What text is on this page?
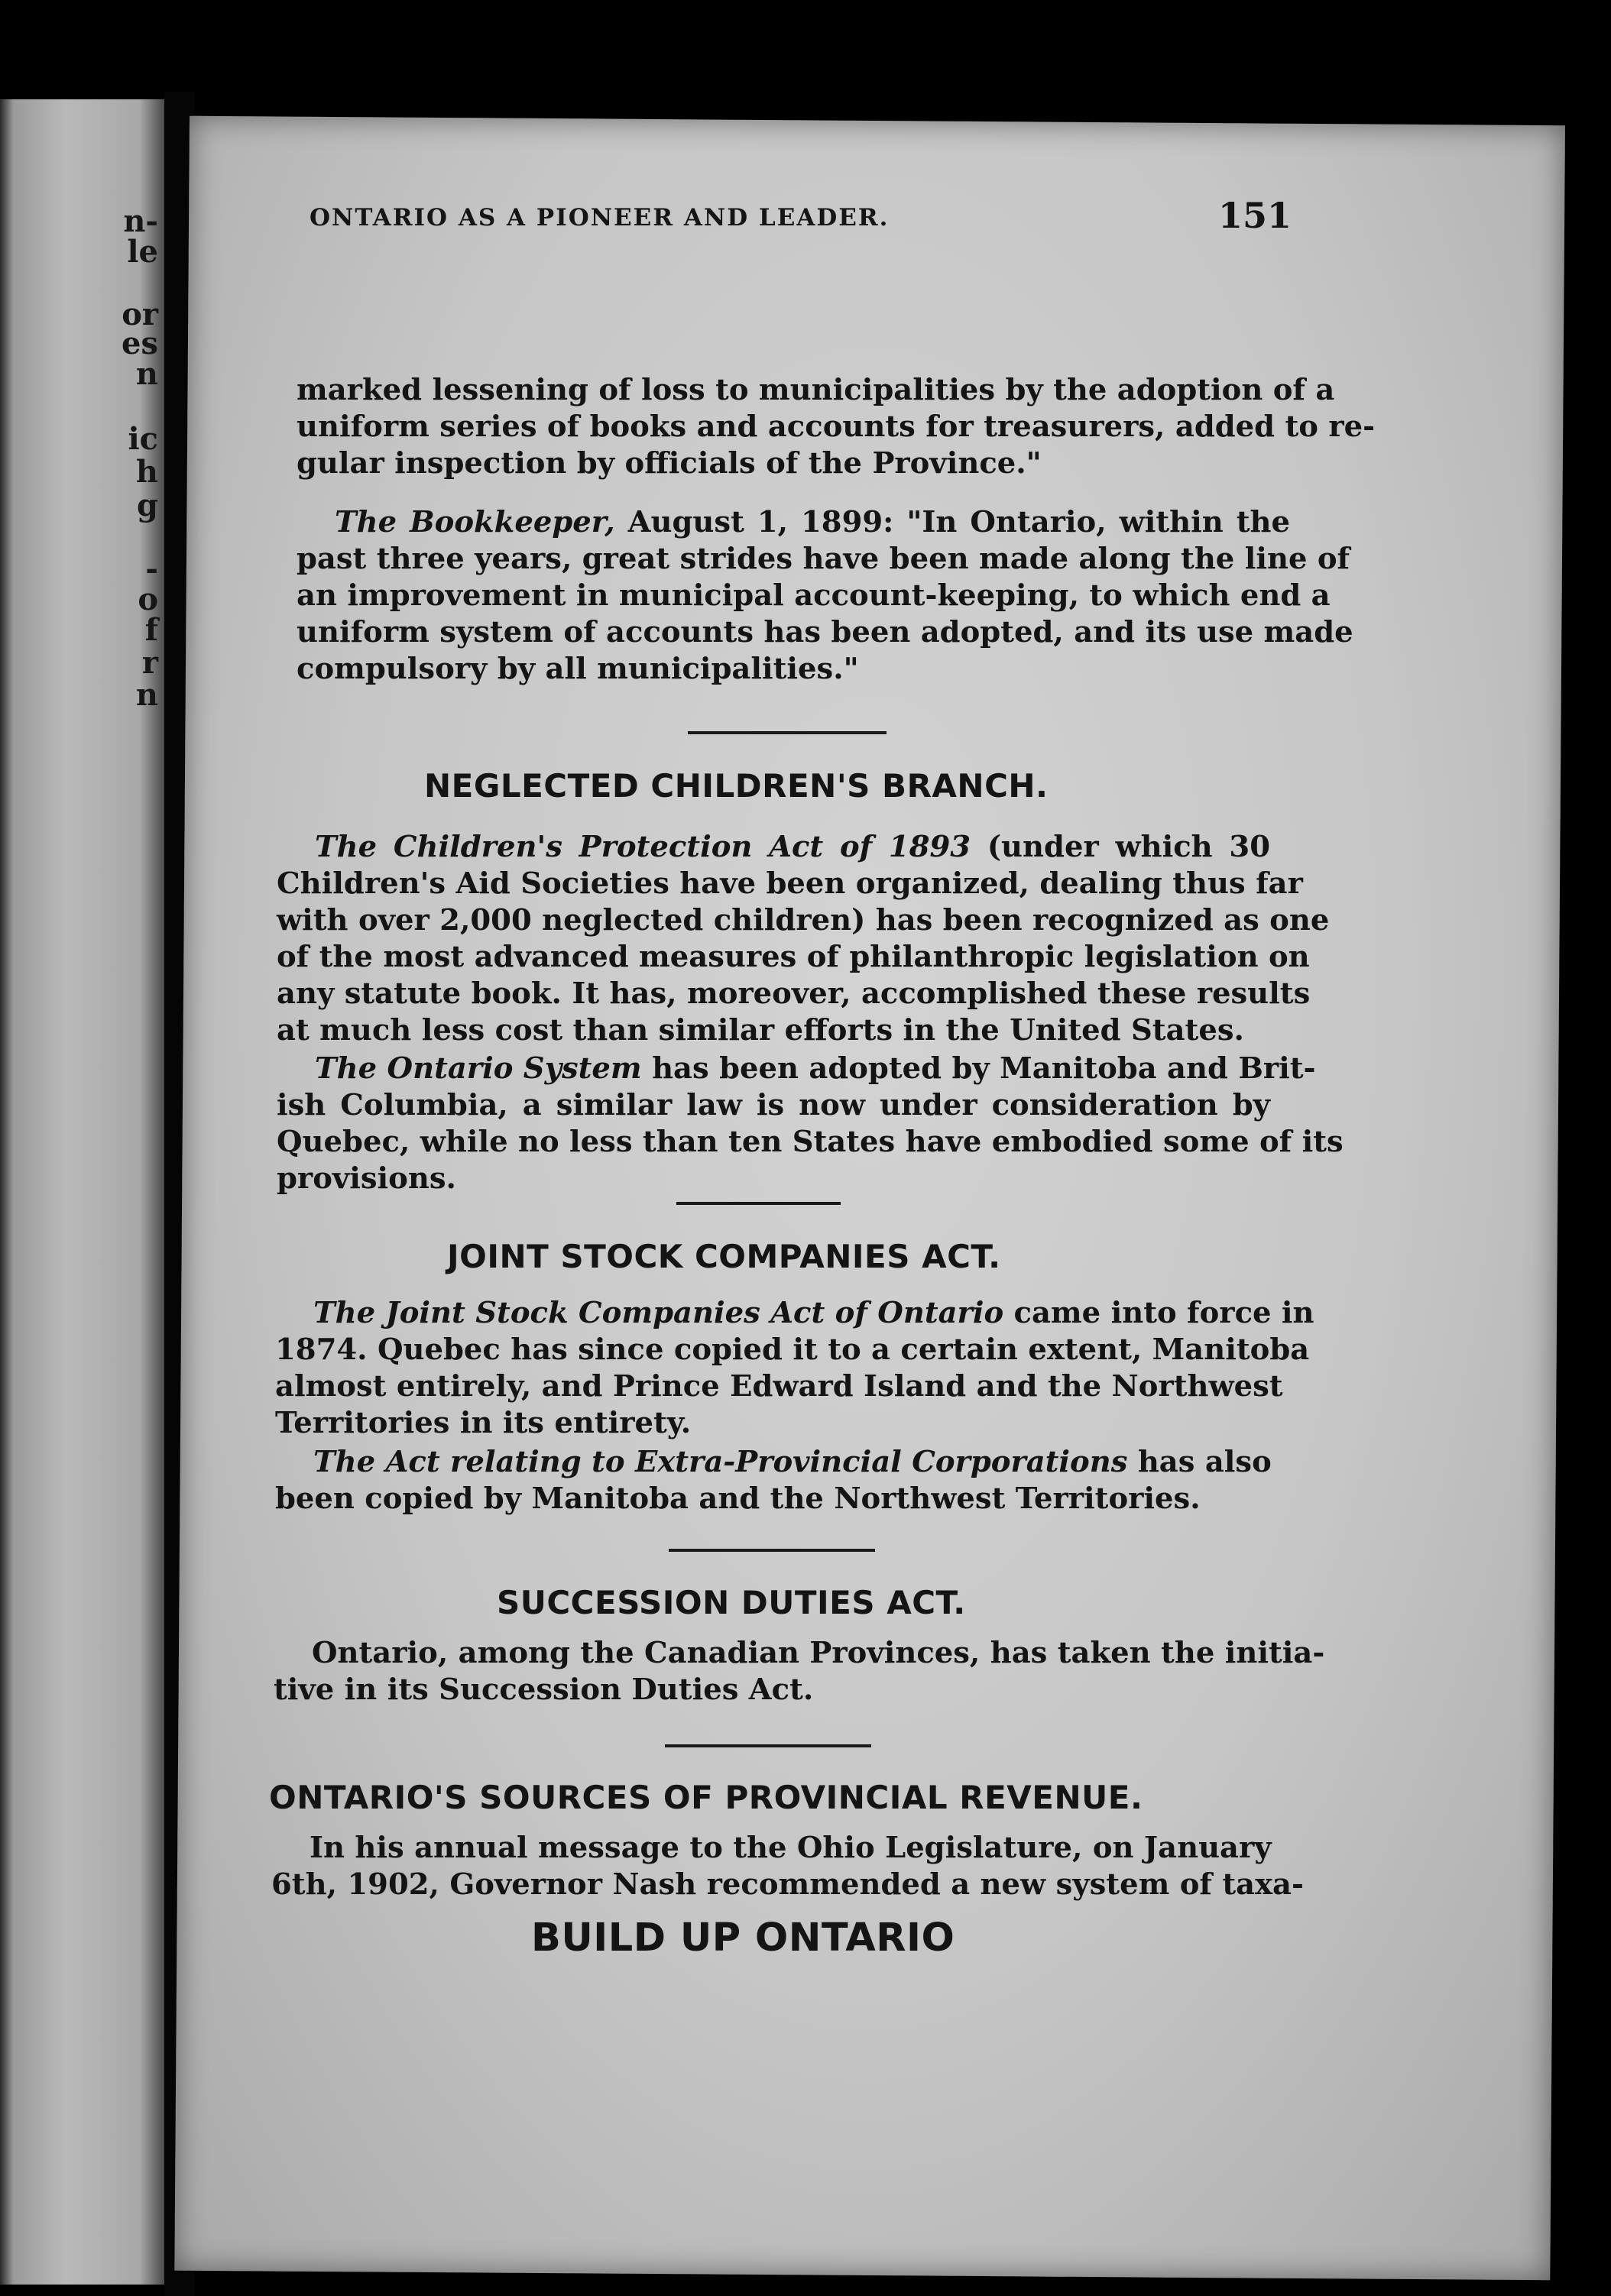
n-
le
or
es
n
ic
h
g
-
o
f
r
n
ONTARIO AS A PIONEER AND LEADER.	151
marked lessening of loss to municipalities by the adoption of a
uniform series of books and accounts for treasurers, added to re-
gular inspection by officials of the Province."
The Bookkeeper, August 1, 1899: "In Ontario, within the
past three years, great strides have been made along the line of
an improvement in municipal account-keeping, to which end a
uniform system of accounts has been adopted, and its use made
compulsory by all municipalities."
NEGLECTED CHILDREN'S BRANCH.
The Children's Protection Act of 1893 (under which 30
Children's Aid Societies have been organized, dealing thus far
with over 2,000 neglected children) has been recognized as one
of the most advanced measures of philanthropic legislation on
any statute book. It has, moreover, accomplished these results
at much less cost than similar efforts in the United States.
The Ontario System has been adopted by Manitoba and Brit-
ish Columbia, a similar law is now under consideration by
Quebec, while no less than ten States have embodied some of its
provisions.
JOINT STOCK COMPANIES ACT.
The Joint Stock Companies Act of Ontario came into force in
1874. Quebec has since copied it to a certain extent, Manitoba
almost entirely, and Prince Edward Island and the Northwest
Territories in its entirety.
The Act relating to Extra-Provincial Corporations has also
been copied by Manitoba and the Northwest Territories.
SUCCESSION DUTIES ACT.
Ontario, among the Canadian Provinces, has taken the initia-
tive in its Succession Duties Act.
ONTARIO'S SOURCES OF PROVINCIAL REVENUE.
In his annual message to the Ohio Legislature, on January
6th, 1902, Governor Nash recommended a new system of taxa-
BUILD UP ONTARIO
